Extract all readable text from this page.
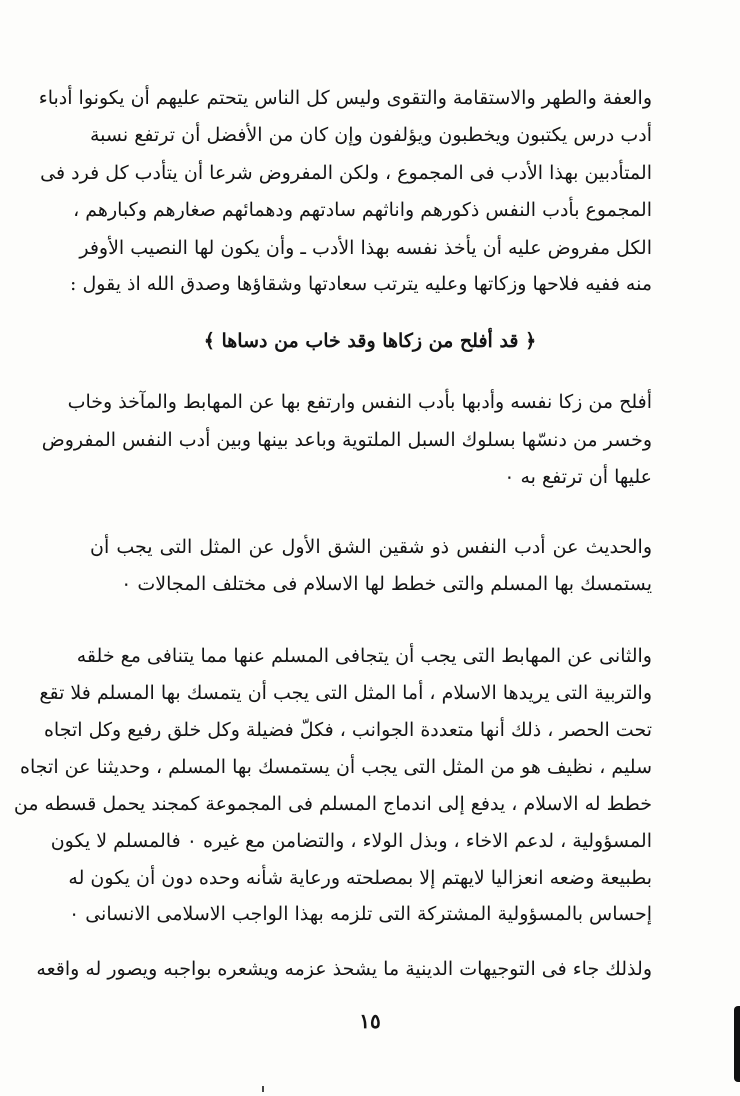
والعفة والطهر والاستقامة والتقوى وليس كل الناس يتحتم عليهم أن يكونوا أدباء
أدب درس يكتبون ويخطبون ويؤلفون وإن كان من الأفضل أن ترتفع نسبة
المتأدبين بهذا الأدب فى المجموع ، ولكن المفروض شرعا أن يتأدب كل فرد فى
المجموع بأدب النفس ذكورهم واناثهم سادتهم ودهمائهم صغارهم وكبارهم ،
الكل مفروض عليه أن يأخذ نفسه بهذا الأدب ـ وأن يكون لها النصيب الأوفر
منه ففيه فلاحها وزكاتها وعليه يترتب سعادتها وشقاؤها وصدق الله اذ يقول :
﴿ قد أفلح من زكاها وقد خاب من دساها ﴾
أفلح من زكا نفسه وأدبها بأدب النفس وارتفع بها عن المهابط والمآخذ وخاب
وخسر من دنسّها بسلوك السبل الملتوية وباعد بينها وبين أدب النفس المفروض
عليها أن ترتفع به ٠
والحديث عن أدب النفس ذو شقين الشق الأول عن المثل التى يجب أن
يستمسك بها المسلم والتى خطط لها الاسلام فى مختلف المجالات ٠
والثانى عن المهابط التى يجب أن يتجافى المسلم عنها مما يتنافى مع خلقه
والتربية التى يريدها الاسلام ، أما المثل التى يجب أن يتمسك بها المسلم فلا تقع
تحت الحصر ، ذلك أنها متعددة الجوانب ، فكلّ فضيلة وكل خلق رفيع وكل اتجاه
سليم ، نظيف هو من المثل التى يجب أن يستمسك بها المسلم ، وحديثنا عن اتجاه
خطط له الاسلام ، يدفع إلى اندماج المسلم فى المجموعة كمجند يحمل قسطه من
المسؤولية ، لدعم الاخاء ، وبذل الولاء ، والتضامن مع غيره ٠ فالمسلم لا يكون
بطبيعة وضعه انعزاليا لايهتم إلا بمصلحته ورعاية شأنه وحده دون أن يكون له
إحساس بالمسؤولية المشتركة التى تلزمه بهذا الواجب الاسلامى الانسانى ٠
ولذلك جاء فى التوجيهات الدينية ما يشحذ عزمه ويشعره بواجبه ويصور له واقعه
١٥
